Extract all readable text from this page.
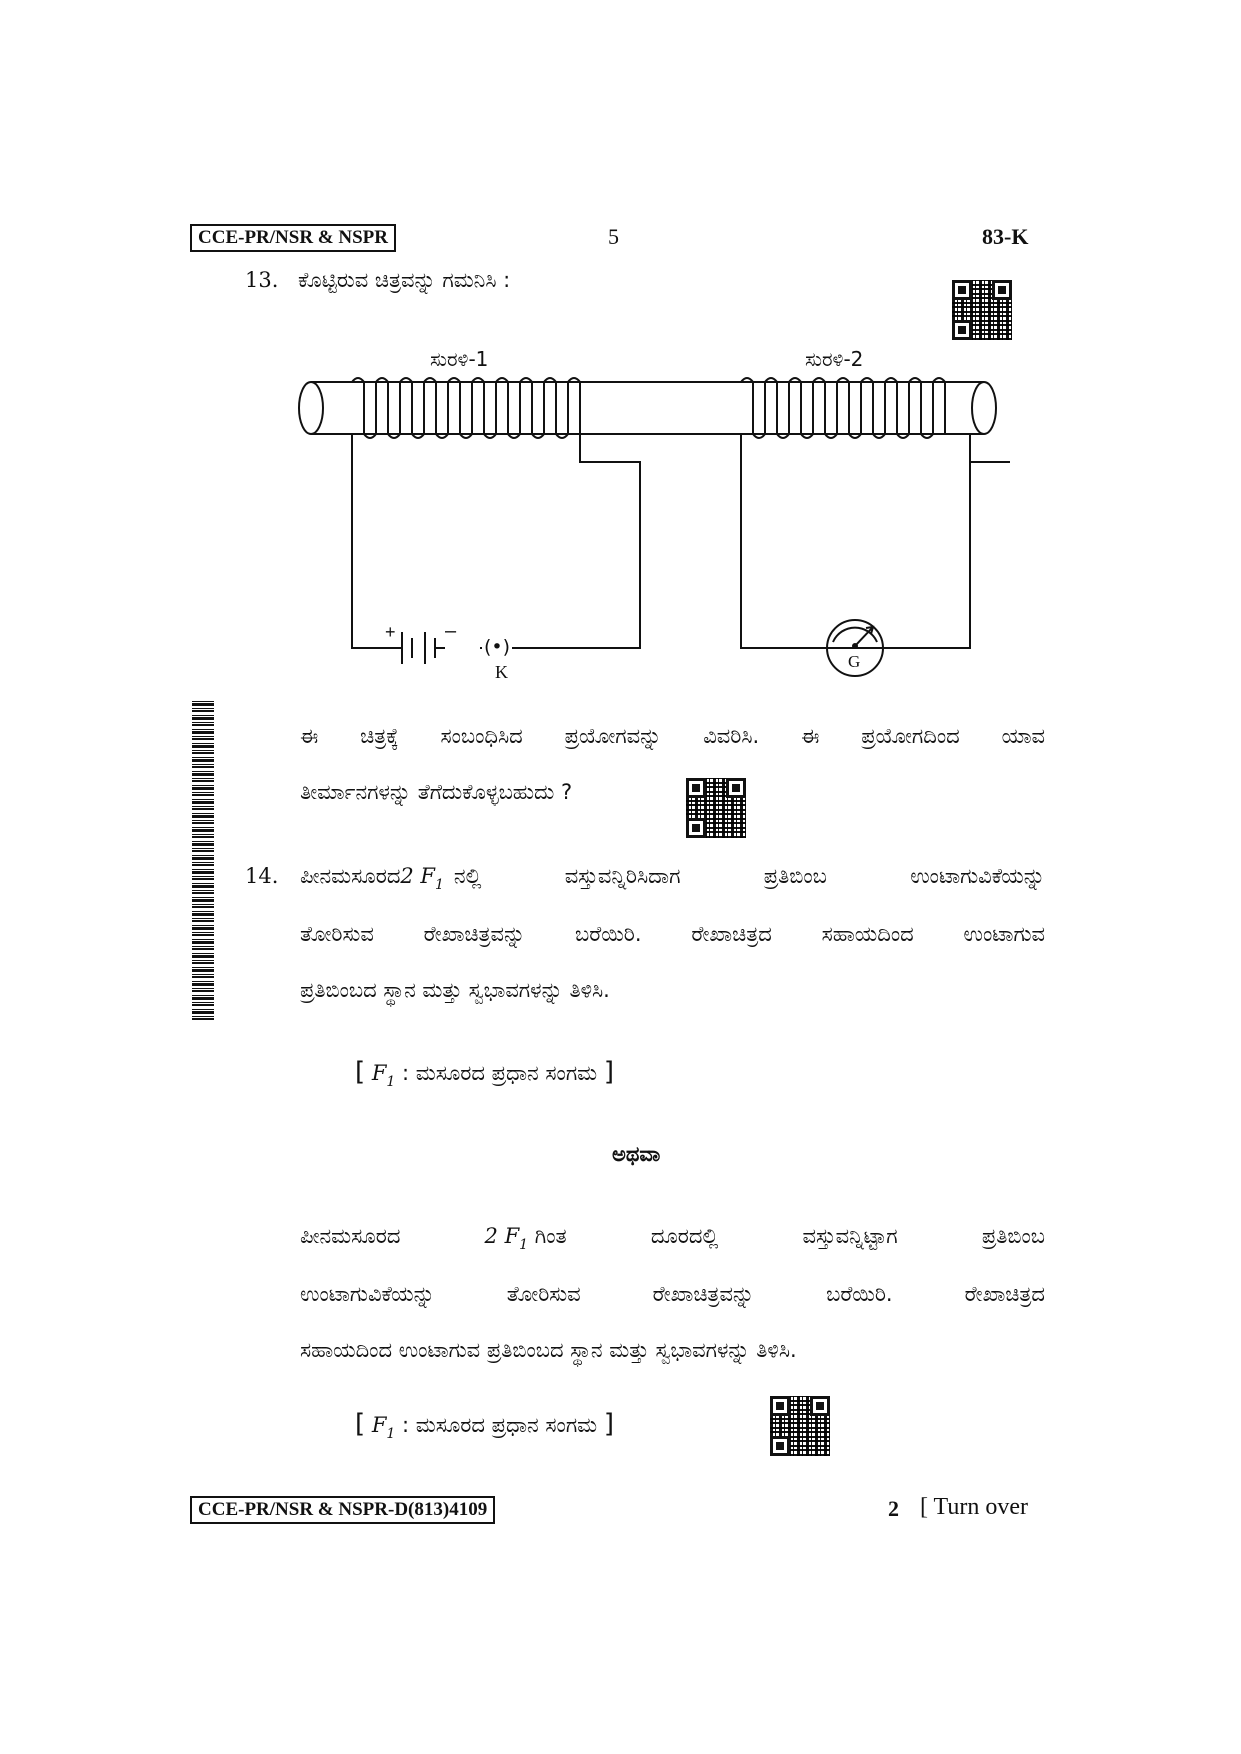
CCE-PR/NSR & NSPR	5	83-K
13. ಕೊಟ್ಟಿರುವ ಚಿತ್ರವನ್ನು ಗಮನಿಸಿ :
ಸುರಳಿ-1	ಸುರಳಿ-2
+ –
(•)
K
G
ಈ ಚಿತ್ರಕ್ಕೆ ಸಂಬಂಧಿಸಿದ ಪ್ರಯೋಗವನ್ನು ವಿವರಿಸಿ. ಈ ಪ್ರಯೋಗದಿಂದ ಯಾವ
ತೀರ್ಮಾನಗಳನ್ನು ತೆಗೆದುಕೊಳ್ಳಬಹುದು ?
14. ಪೀನಮಸೂರದ 2 $F_1$ ನಲ್ಲಿ ವಸ್ತುವನ್ನಿರಿಸಿದಾಗ ಪ್ರತಿಬಿಂಬ ಉಂಟಾಗುವಿಕೆಯನ್ನು
ತೋರಿಸುವ ರೇಖಾಚಿತ್ರವನ್ನು ಬರೆಯಿರಿ. ರೇಖಾಚಿತ್ರದ ಸಹಾಯದಿಂದ ಉಂಟಾಗುವ
ಪ್ರತಿಬಿಂಬದ ಸ್ಥಾನ ಮತ್ತು ಸ್ವಭಾವಗಳನ್ನು ತಿಳಿಸಿ.
[ $F_1$ : ಮಸೂರದ ಪ್ರಧಾನ ಸಂಗಮ ]
ಅಥವಾ
ಪೀನಮಸೂರದ	2 $F_1$ ಗಿಂತ	ದೂರದಲ್ಲಿ	ವಸ್ತುವನ್ನಿಟ್ಟಾಗ	ಪ್ರತಿಬಿಂಬ
ಉಂಟಾಗುವಿಕೆಯನ್ನು ತೋರಿಸುವ ರೇಖಾಚಿತ್ರವನ್ನು ಬರೆಯಿರಿ. ರೇಖಾಚಿತ್ರದ
ಸಹಾಯದಿಂದ ಉಂಟಾಗುವ ಪ್ರತಿಬಿಂಬದ ಸ್ಥಾನ ಮತ್ತು ಸ್ವಭಾವಗಳನ್ನು ತಿಳಿಸಿ.
[ $F_1$ : ಮಸೂರದ ಪ್ರಧಾನ ಸಂಗಮ ]
CCE-PR/NSR & NSPR-D(813)4109	2 [ Turn over
